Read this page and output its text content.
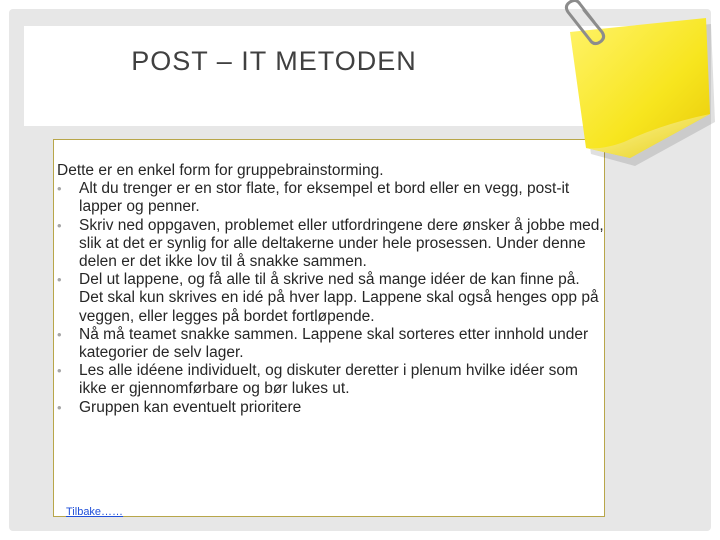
POST – IT METODEN

Dette er en enkel form for gruppebrainstorming.

•	Alt du trenger er en stor flate, for eksempel et bord eller en vegg, post-it lapper og penner.
•	Skriv ned oppgaven, problemet eller utfordringene dere ønsker å jobbe med, slik at det er synlig for alle deltakerne under hele prosessen. Under denne delen er det ikke lov til å snakke sammen.
•	Del ut lappene, og få alle til å skrive ned så mange idéer de kan finne på. Det skal kun skrives en idé på hver lapp. Lappene skal også henges opp på veggen, eller legges på bordet fortløpende.
•	Nå må teamet snakke sammen. Lappene skal sorteres etter innhold under kategorier de selv lager.
•	Les alle idéene individuelt, og diskuter deretter i plenum hvilke idéer som ikke er gjennomførbare og bør lukes ut.
•	Gruppen kan eventuelt prioritere
Tilbake……
